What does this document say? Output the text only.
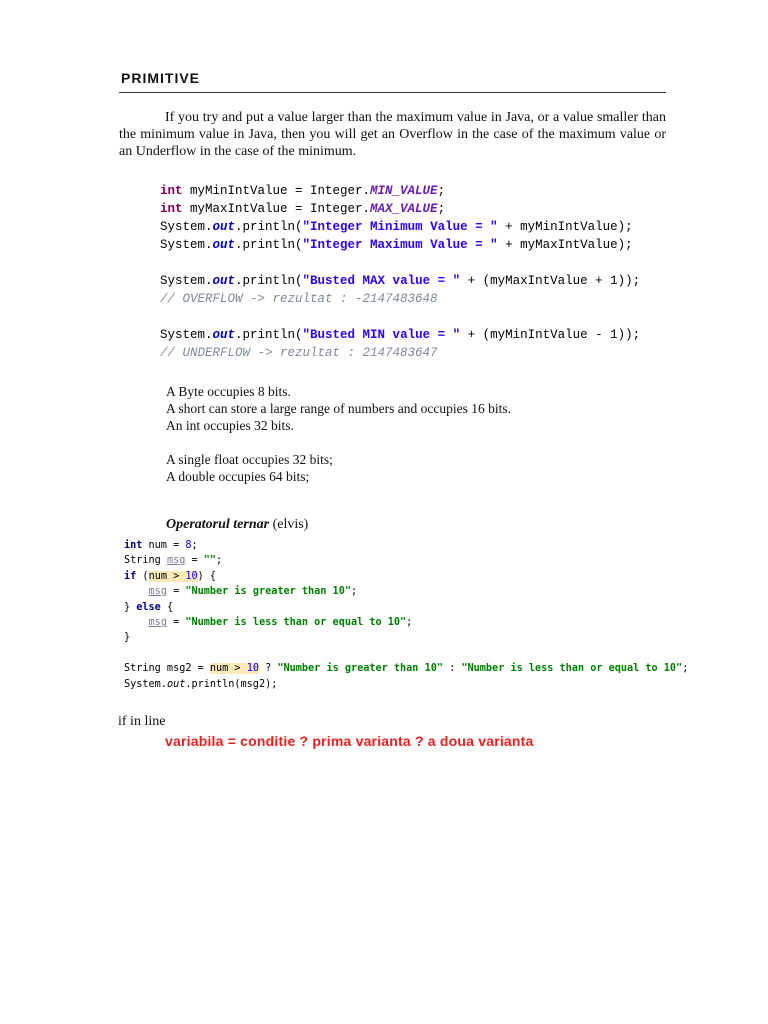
PRIMITIVE

If you try and put a value larger than the maximum value in Java, or a value smaller than the minimum value in Java, then you will get an Overflow in the case of the maximum value or an Underflow in the case of the minimum.

int myMinIntValue = Integer.MIN_VALUE;
int myMaxIntValue = Integer.MAX_VALUE;
System.out.println("Integer Minimum Value = " + myMinIntValue);
System.out.println("Integer Maximum Value = " + myMaxIntValue);
System.out.println("Busted MAX value = " + (myMaxIntValue + 1));
// OVERFLOW -> rezultat : -2147483648
System.out.println("Busted MIN value = " + (myMinIntValue - 1));
// UNDERFLOW -> rezultat : 2147483647
A Byte occupies 8 bits.
A short can store a large range of numbers and occupies 16 bits.
An int occupies 32 bits.
A single float occupies 32 bits;
A double occupies 64 bits;
Operatorul ternar (elvis)
int num = 8;
String msg = "";
if (num > 10) {
msg = "Number is greater than 10";
} else {
msg = "Number is less than or equal to 10";
}
String msg2 = num > 10 ? "Number is greater than 10" : "Number is less than or equal to 10";
System.out.println(msg2);
if in line
variabila = conditie ? prima varianta ? a doua varianta
